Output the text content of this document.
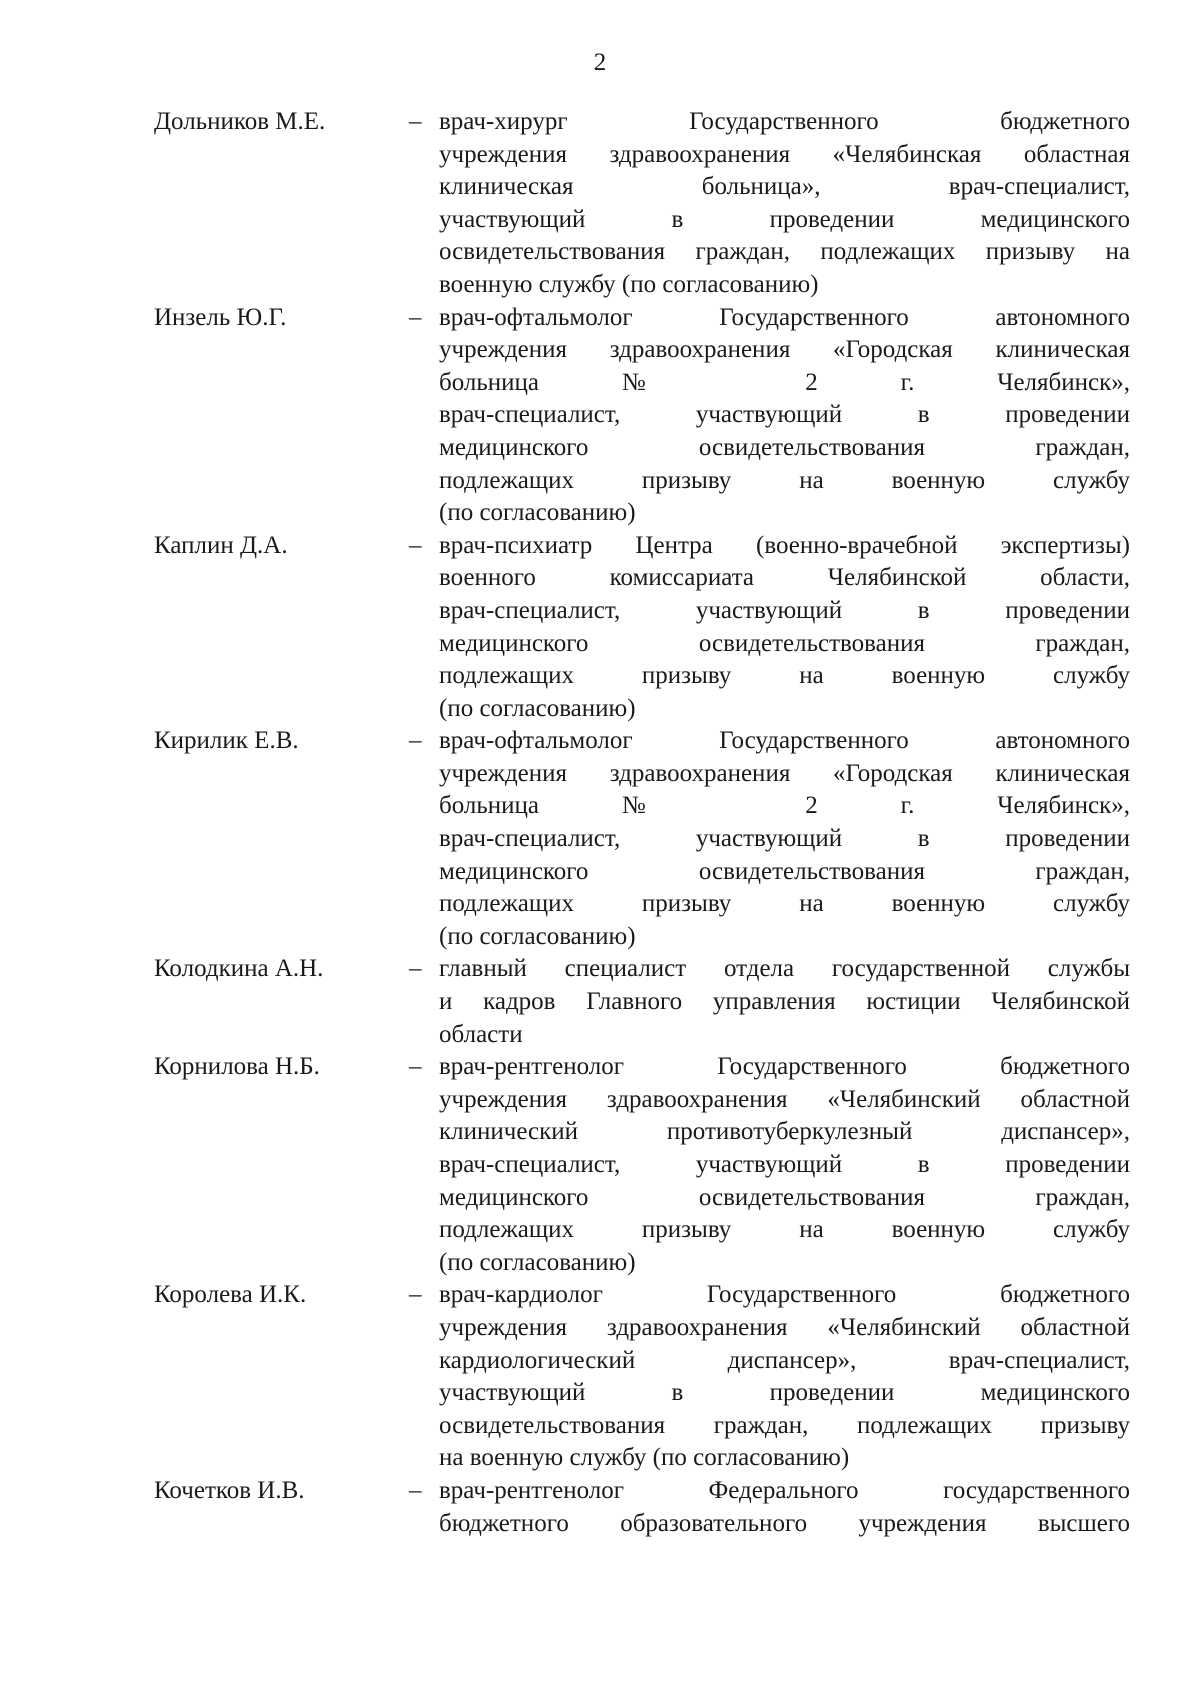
2
Дольников М.Е.	– врач-хирург Государственного бюджетного
учреждения здравоохранения «Челябинская областная
клиническая больница», врач-специалист,
участвующий в проведении медицинского
освидетельствования граждан, подлежащих призыву на
военную службу (по согласованию)
Инзель Ю.Г.	– врач-офтальмолог Государственного автономного
учреждения здравоохранения «Городская клиническая
больница № 2 г. Челябинск»,
врач-специалист, участвующий в проведении
медицинского освидетельствования граждан,
подлежащих призыву на военную службу
(по согласованию)
Каплин Д.А.	– врач-психиатр Центра (военно-врачебной экспертизы)
военного комиссариата Челябинской области,
врач-специалист, участвующий в проведении
медицинского освидетельствования граждан,
подлежащих призыву на военную службу
(по согласованию)
Кирилик Е.В.	– врач-офтальмолог Государственного автономного
учреждения здравоохранения «Городская клиническая
больница № 2 г. Челябинск»,
врач-специалист, участвующий в проведении
медицинского освидетельствования граждан,
подлежащих призыву на военную службу
(по согласованию)
Колодкина А.Н.	– главный специалист отдела государственной службы
и кадров Главного управления юстиции Челябинской
области
Корнилова Н.Б.	– врач-рентгенолог Государственного бюджетного
учреждения здравоохранения «Челябинский областной
клинический противотуберкулезный диспансер»,
врач-специалист, участвующий в проведении
медицинского освидетельствования граждан,
подлежащих призыву на военную службу
(по согласованию)
Королева И.К.	– врач-кардиолог Государственного бюджетного
учреждения здравоохранения «Челябинский областной
кардиологический диспансер», врач-специалист,
участвующий в проведении медицинского
освидетельствования граждан, подлежащих призыву
на военную службу (по согласованию)
Кочетков И.В.	– врач-рентгенолог Федерального государственного
бюджетного образовательного учреждения высшего
